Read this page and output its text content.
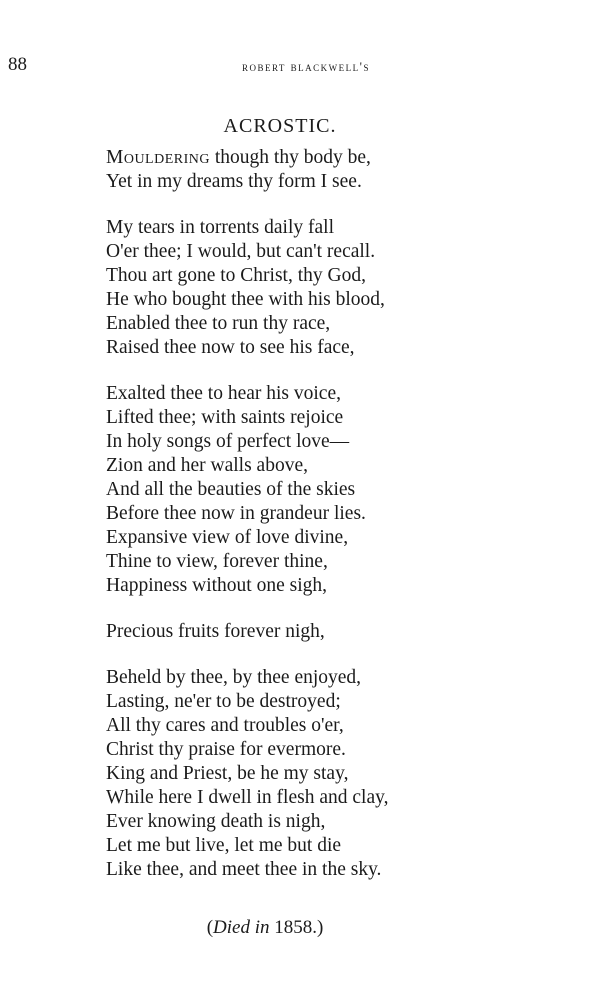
88	robert blackwell's
ACROSTIC.
Mouldering though thy body be,
Yet in my dreams thy form I see.
My tears in torrents daily fall
O'er thee; I would, but can't recall.
Thou art gone to Christ, thy God,
He who bought thee with his blood,
Enabled thee to run thy race,
Raised thee now to see his face,
Exalted thee to hear his voice,
Lifted thee; with saints rejoice
In holy songs of perfect love—
Zion and her walls above,
And all the beauties of the skies
Before thee now in grandeur lies.
Expansive view of love divine,
Thine to view, forever thine,
Happiness without one sigh,
Precious fruits forever nigh,
Beheld by thee, by thee enjoyed,
Lasting, ne'er to be destroyed;
All thy cares and troubles o'er,
Christ thy praise for evermore.
King and Priest, be he my stay,
While here I dwell in flesh and clay,
Ever knowing death is nigh,
Let me but live, let me but die
Like thee, and meet thee in the sky.
(Died in 1858.)
